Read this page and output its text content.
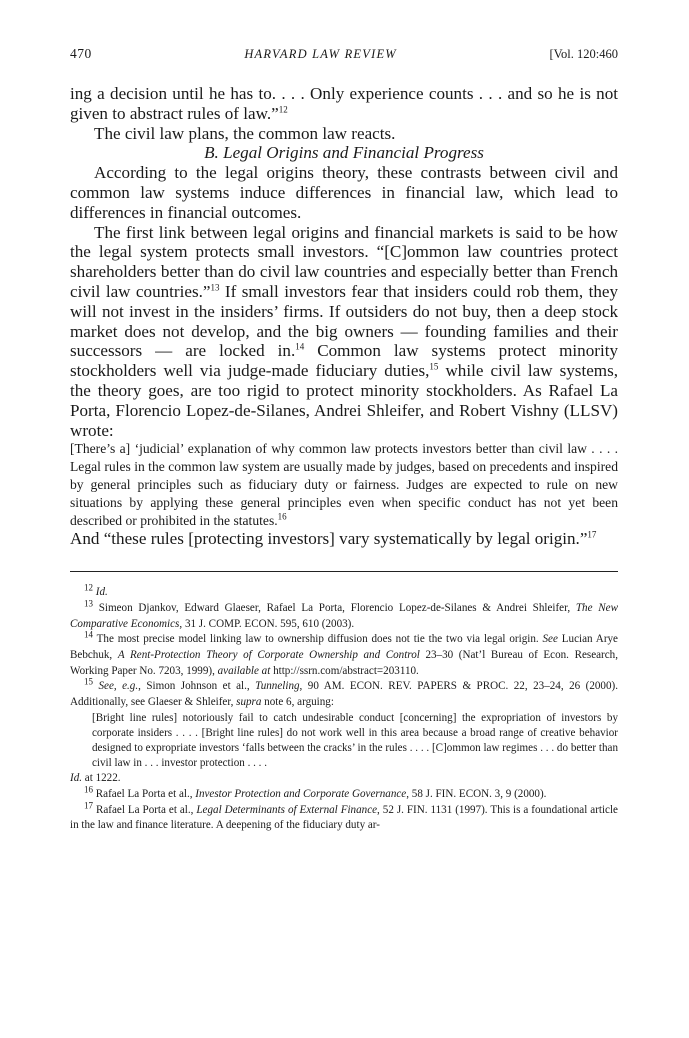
470	HARVARD LAW REVIEW	[Vol. 120:460

ing a decision until he has to. . . . Only experience counts . . . and so he is not given to abstract rules of law.”$^{12}$

The civil law plans, the common law reacts.

B. Legal Origins and Financial Progress

According to the legal origins theory, these contrasts between civil and common law systems induce differences in financial law, which lead to differences in financial outcomes.

The first link between legal origins and financial markets is said to be how the legal system protects small investors. “[C]ommon law countries protect shareholders better than do civil law countries and especially better than French civil law countries.”$^{13}$ If small investors fear that insiders could rob them, they will not invest in the insiders’ firms. If outsiders do not buy, then a deep stock market does not develop, and the big owners — founding families and their successors — are locked in.$^{14}$ Common law systems protect minority stockholders well via judge-made fiduciary duties,$^{15}$ while civil law systems, the theory goes, are too rigid to protect minority stockholders. As Rafael La Porta, Florencio Lopez-de-Silanes, Andrei Shleifer, and Robert Vishny (LLSV) wrote:

[There’s a] ‘judicial’ explanation of why common law protects investors better than civil law . . . . Legal rules in the common law system are usually made by judges, based on precedents and inspired by general principles such as fiduciary duty or fairness. Judges are expected to rule on new situations by applying these general principles even when specific conduct has not yet been described or prohibited in the statutes.$^{16}$

And “these rules [protecting investors] vary systematically by legal origin.”$^{17}$

$^{12}$ Id.

$^{13}$ Simeon Djankov, Edward Glaeser, Rafael La Porta, Florencio Lopez-de-Silanes & Andrei Shleifer, The New Comparative Economics, 31 J. COMP. ECON. 595, 610 (2003).

$^{14}$ The most precise model linking law to ownership diffusion does not tie the two via legal origin. See Lucian Arye Bebchuk, A Rent-Protection Theory of Corporate Ownership and Control 23–30 (Nat’l Bureau of Econ. Research, Working Paper No. 7203, 1999), available at http://ssrn.com/abstract=203110.

$^{15}$ See, e.g., Simon Johnson et al., Tunneling, 90 AM. ECON. REV. PAPERS & PROC. 22, 23–24, 26 (2000). Additionally, see Glaeser & Shleifer, supra note 6, arguing:

[Bright line rules] notoriously fail to catch undesirable conduct [concerning] the expropriation of investors by corporate insiders . . . . [Bright line rules] do not work well in this area because a broad range of creative behavior designed to expropriate investors ‘falls between the cracks’ in the rules . . . . [C]ommon law regimes . . . do better than civil law in . . . investor protection . . . .

Id. at 1222.

$^{16}$ Rafael La Porta et al., Investor Protection and Corporate Governance, 58 J. FIN. ECON. 3, 9 (2000).

$^{17}$ Rafael La Porta et al., Legal Determinants of External Finance, 52 J. FIN. 1131 (1997). This is a foundational article in the law and finance literature. A deepening of the fiduciary duty ar-
